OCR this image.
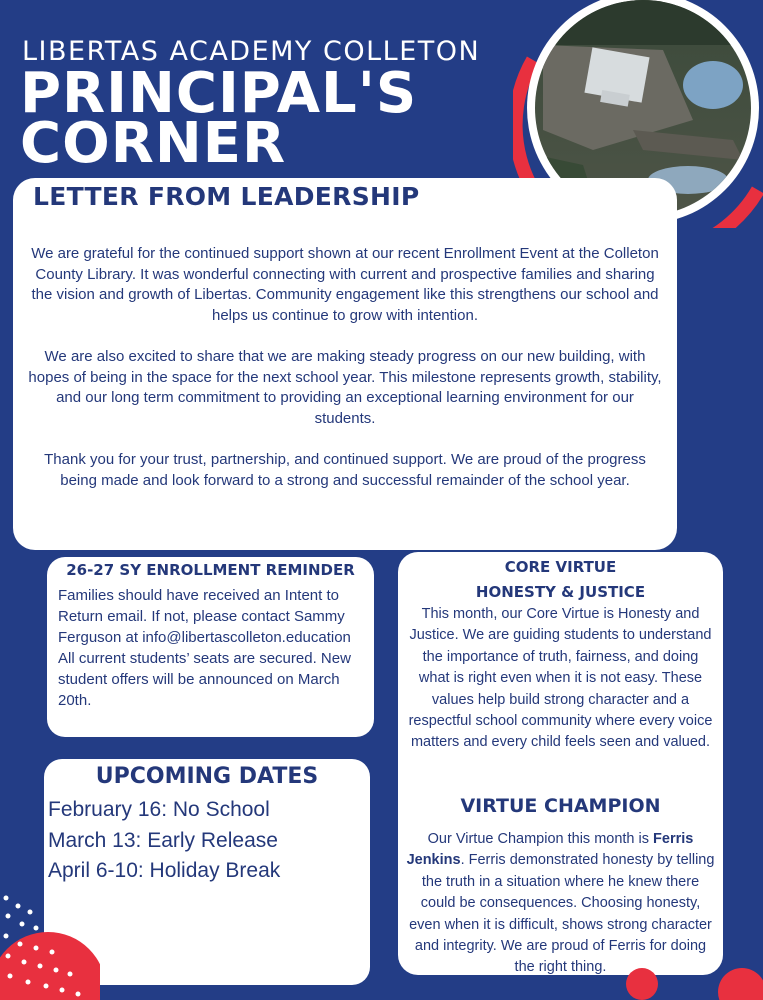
LIBERTAS ACADEMY COLLETON
PRINCIPAL'S
CORNER
LETTER FROM LEADERSHIP

We are grateful for the continued support shown at our recent Enrollment Event at the Colleton County Library. It was wonderful connecting with current and prospective families and sharing the vision and growth of Libertas. Community engagement like this strengthens our school and helps us continue to grow with intention.

We are also excited to share that we are making steady progress on our new building, with hopes of being in the space for the next school year. This milestone represents growth, stability, and our long term commitment to providing an exceptional learning environment for our students.

Thank you for your trust, partnership, and continued support. We are proud of the progress being made and look forward to a strong and successful remainder of the school year.

26-27 SY ENROLLMENT REMINDER
Families should have received an Intent to Return email. If not, please contact Sammy Ferguson at info@libertascolleton.education All current students’ seats are secured. New student offers will be announced on March 20th.
UPCOMING DATES
February 16: No School
March 13: Early Release
April 6-10: Holiday Break
CORE VIRTUE
HONESTY & JUSTICE
This month, our Core Virtue is Honesty and Justice. We are guiding students to understand the importance of truth, fairness, and doing what is right even when it is not easy. These values help build strong character and a respectful school community where every voice matters and every child feels seen and valued.
VIRTUE CHAMPION
Our Virtue Champion this month is Ferris Jenkins. Ferris demonstrated honesty by telling the truth in a situation where he knew there could be consequences. Choosing honesty, even when it is difficult, shows strong character and integrity. We are proud of Ferris for doing the right thing.
